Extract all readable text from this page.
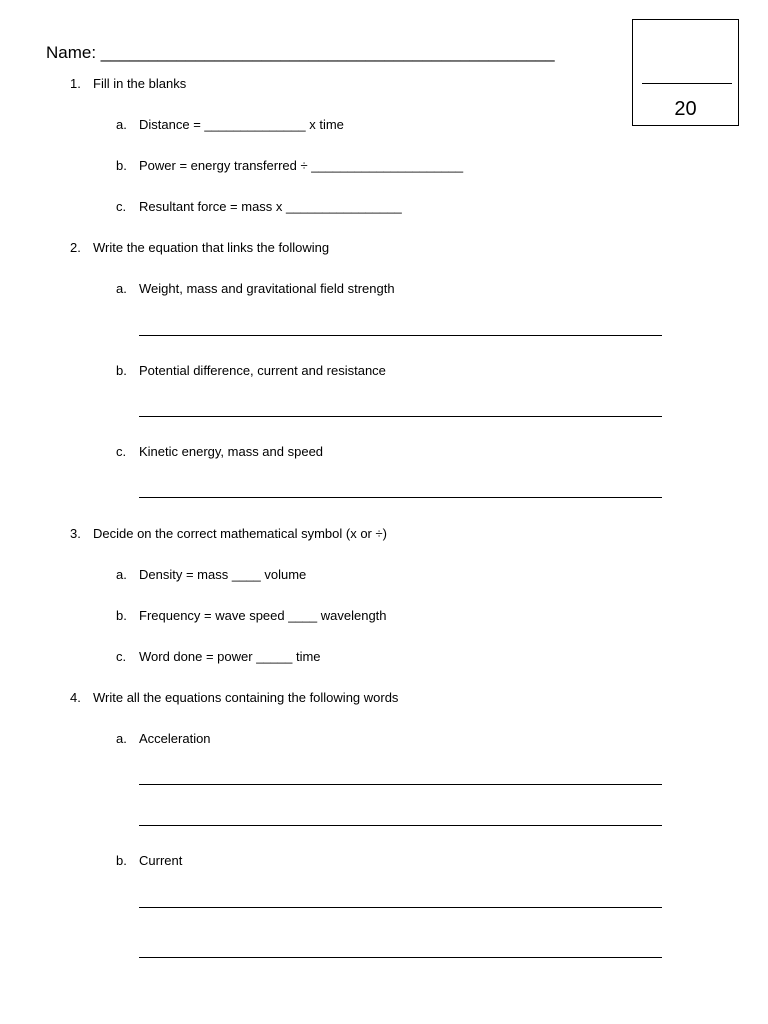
Name: ________________________________________________
20
1. Fill in the blanks
a. Distance = ______________ x time
b. Power = energy transferred ÷ _____________________
c. Resultant force = mass x ________________
2. Write the equation that links the following
a. Weight, mass and gravitational field strength
b. Potential difference, current and resistance
c. Kinetic energy, mass and speed
3. Decide on the correct mathematical symbol (x or ÷)
a. Density = mass ____ volume
b. Frequency = wave speed ____ wavelength
c. Word done = power _____ time
4. Write all the equations containing the following words
a. Acceleration
b. Current
